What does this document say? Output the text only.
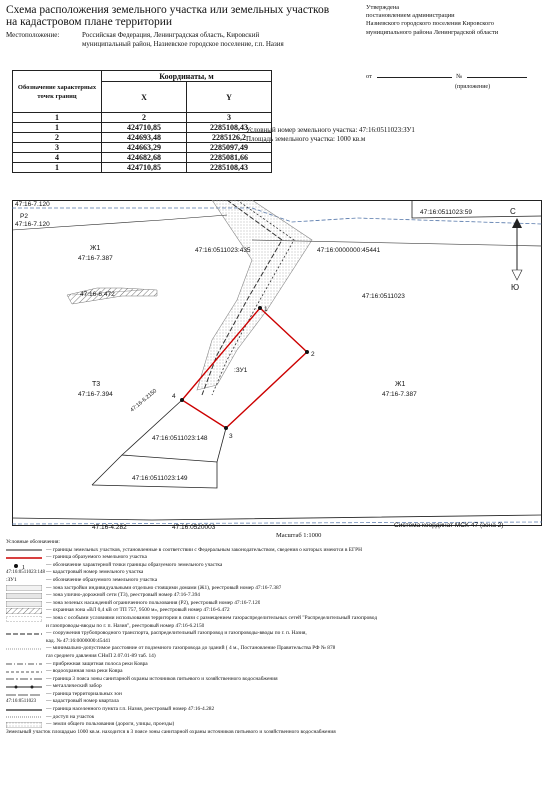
Схема расположения земельного участка или земельных участков
на кадастровом плане территории
Местоположение:	Российская Федерация, Ленинградская область, Кировский
муниципальный район, Назиевское городское поселение, г.п. Назия
Утверждена
постановлением администрации
Назиевского городского поселения Кировского
муниципального района Ленинградской области
от	№
(приложение)
Обозначение характерных точек границ	Координаты, м	
	X	Y
1	2	3
1	424710,85	2285108,43
2	424693,48	2285126,2
3	424663,29	2285097,49
4	424682,68	2285081,66
1	424710,85	2285108,43
Условный номер земельного участка: 47:16:0511023:ЗУ1
Площадь земельного участка: 1000 кв.м
47:16-7.120
Р2
47:16-7.120
47:16:0511023:59
Ж1
47:16-7.387
47:16:0511023:435	47:16:0000000:45441
47:16-6.472	47:16:0511023
:ЗУ1
Ж1
47:16-7.387
Т3
47:16-7.394	47:16-6.2150
47:16:0511023:148
47:16:0511023:149
47:16-4.282	47:16:0520003	Система координат МСК-47 (зона 2)
1
2
3
4
С
Ю
Масштаб 1:1000
Условные обозначения:
— границы земельных участков, установленные в соответствии с Федеральным законодательством, сведения о которых имеются в ЕГРН
— граница образуемого земельного участка
1	— обозначение характерной точки границы образуемого земельного участка
47:16:0511023:148 — кадастровый номер земельного участка
:ЗУ1	— обозначение образуемого земельного участка
— зона застройки индивидуальными отдельно стоящими домами (Ж1), реестровый номер 47:16-7.387
— зона улично-дорожной сети (Т3), реестровый номер 47:16-7.394
— зона зеленых насаждений ограниченного пользования (Р2), реестровый номер 47:16-7.120
— охранная зона «ВЛ 0,4 кВ от ТП 757, 9500 м», реестровый номер 47:16-6.472
— зона с особыми условиями использования территории в связи с размещением газораспределительных сетей "Распределительный газопровод
и газопроводы-вводы по г. п. Назия", реестровый номер 47:16-6.2150
— сооружения трубопроводного транспорта, распределительный газопровод и газопроводы-вводы по г. п. Назия,
кад. № 47:16:0000000:45441
— минимально-допустимое расстояние от подземного газопровода до зданий ( 4 м., Постановление Правительства РФ № 878
газ среднего давления СНиП 2.07.01-89 таб. 14)
— прибрежная защитная полоса реки Ковра
— водоохранная зона реки Ковра
— граница 3 пояса зоны санитарной охраны источников питьевого и хозяйственного водоснабжения
— металлический забор
— граница территориальных зон
47:16:0511023	— кадастровый номер квартала
— граница населенного пункта г.п. Назия, реестровый номер 47:16-4.282
— доступ на участок
— земли общего пользования (дороги, улицы, проезды)
Земельный участок площадью 1000 кв.м. находится в 3 поясе зоны санитарной охраны источников питьевого и хозяйственного водоснабжения
